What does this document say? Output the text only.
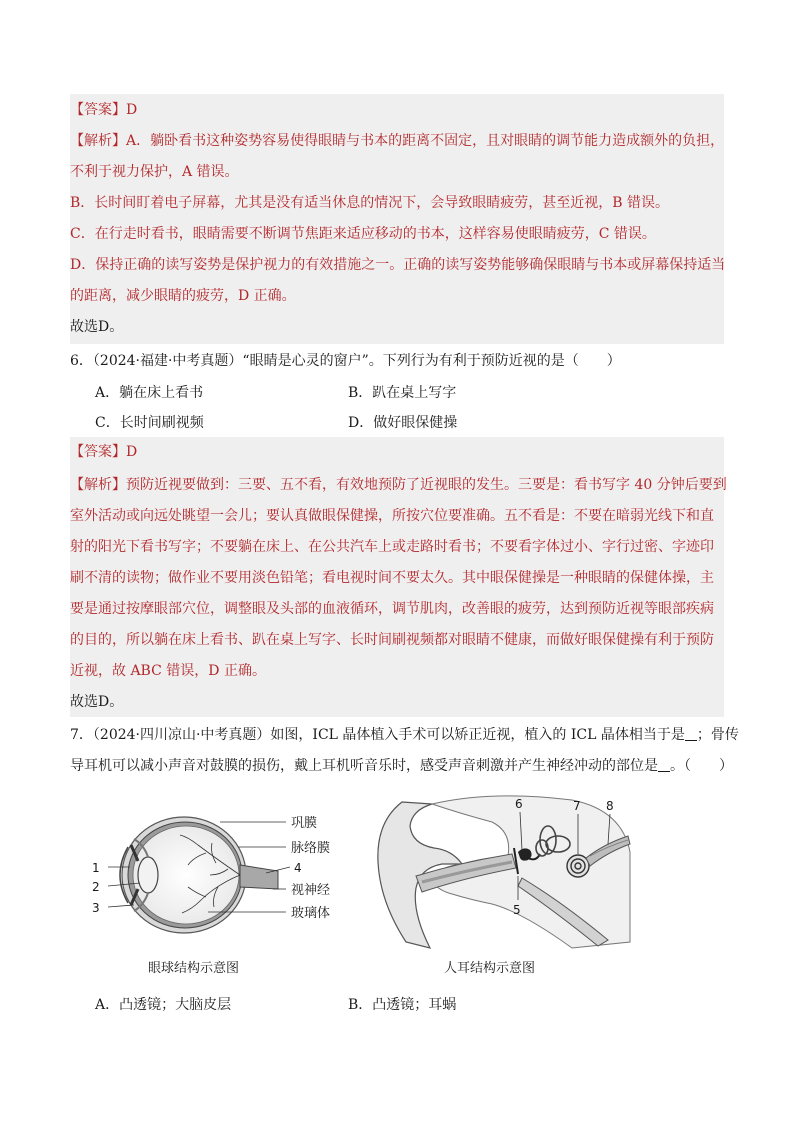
【答案】D
【解析】A．躺卧看书这种姿势容易使得眼睛与书本的距离不固定，且对眼睛的调节能力造成额外的负担，
不利于视力保护，A 错误。
B．长时间盯着电子屏幕，尤其是没有适当休息的情况下，会导致眼睛疲劳，甚至近视，B 错误。
C．在行走时看书，眼睛需要不断调节焦距来适应移动的书本，这样容易使眼睛疲劳，C 错误。
D．保持正确的读写姿势是保护视力的有效措施之一。正确的读写姿势能够确保眼睛与书本或屏幕保持适当
的距离，减少眼睛的疲劳，D 正确。
故选D。
6．（2024·福建·中考真题）“眼睛是心灵的窗户”。下列行为有利于预防近视的是（　　）
A．躺在床上看书	B．趴在桌上写字
C．长时间刷视频	D．做好眼保健操
【答案】D
【解析】预防近视要做到：三要、五不看，有效地预防了近视眼的发生。三要是：看书写字 40 分钟后要到
室外活动或向远处眺望一会儿；要认真做眼保健操，所按穴位要准确。五不看是：不要在暗弱光线下和直
射的阳光下看书写字；不要躺在床上、在公共汽车上或走路时看书；不要看字体过小、字行过密、字迹印
刷不清的读物；做作业不要用淡色铅笔；看电视时间不要太久。其中眼保健操是一种眼睛的保健体操，主
要是通过按摩眼部穴位，调整眼及头部的血液循环，调节肌肉，改善眼的疲劳，达到预防近视等眼部疾病
的目的，所以躺在床上看书、趴在桌上写字、长时间刷视频都对眼睛不健康，而做好眼保健操有利于预防
近视，故 ABC 错误，D 正确。
故选D。
7．（2024·四川凉山·中考真题）如图，ICL 晶体植入手术可以矫正近视，植入的 ICL 晶体相当于是 ；骨传
导耳机可以减小声音对鼓膜的损伤，戴上耳机听音乐时，感受声音刺激并产生神经冲动的部位是 。（　　）
巩膜
脉络膜
4
视神经
玻璃体
1
2
3
眼球结构示意图
6	7 8
5
人耳结构示意图
A．凸透镜；大脑皮层	B．凸透镜；耳蜗
